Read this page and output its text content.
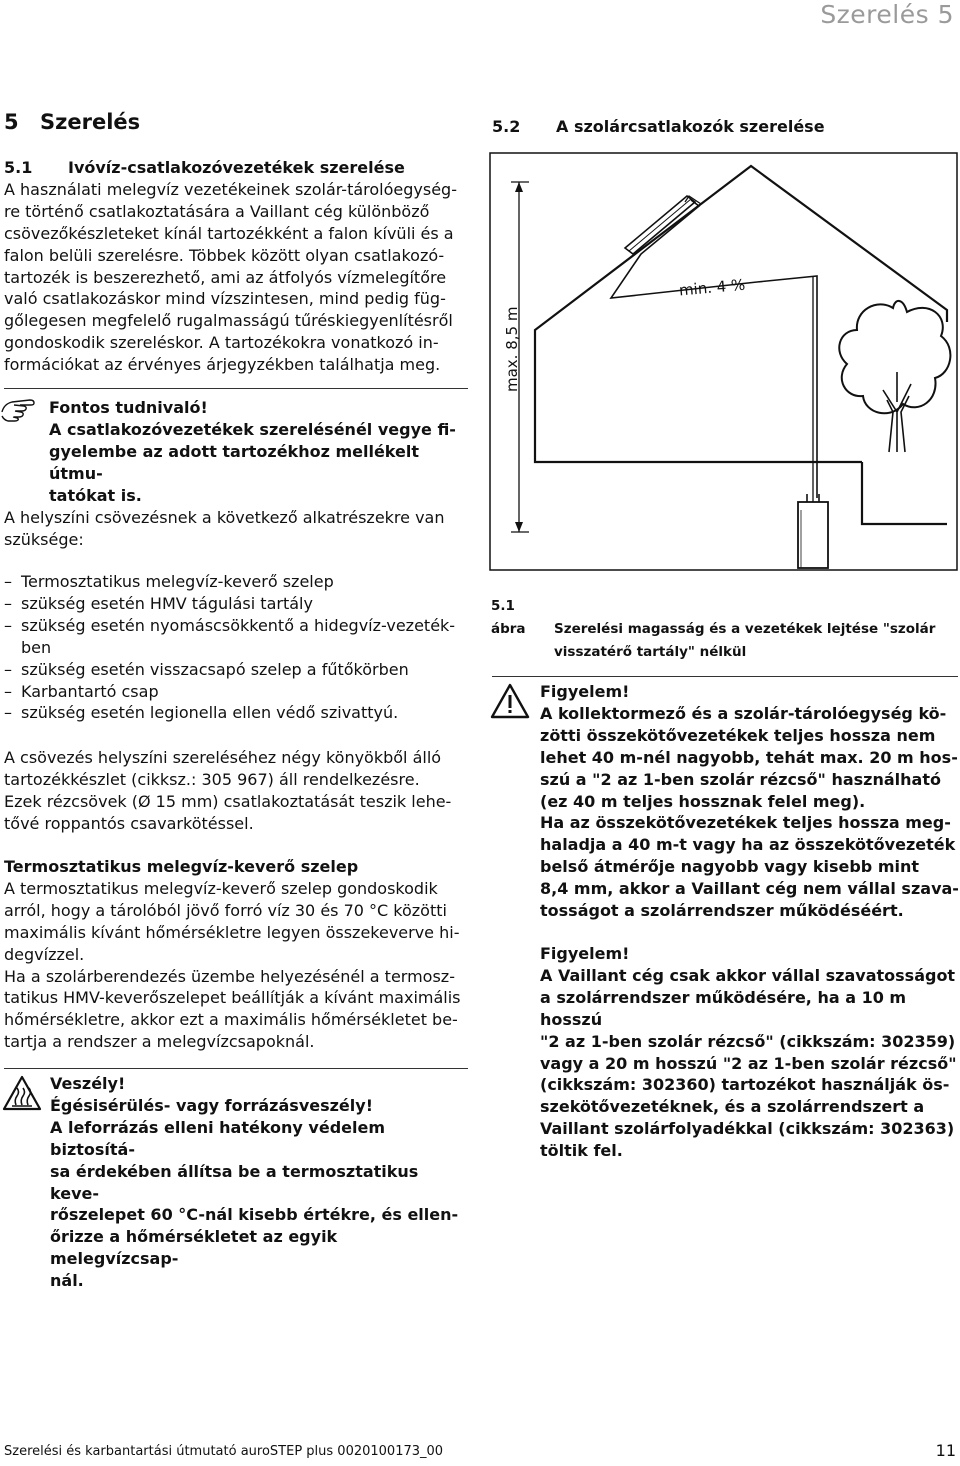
Szerelés 5
5 Szerelés

5.1 Ivóvíz-csatlakozóvezetékek szerelése

A használati melegvíz vezetékeinek szolár-tárolóegység-

re történő csatlakoztatására a Vaillant cég különböző

csövezőkészleteket kínál tartozékként a falon kívüli és a

falon belüli szerelésre. Többek között olyan csatlakozó-

tartozék is beszerezhető, ami az átfolyós vízmelegítőre

való csatlakozáskor mind vízszintesen, mind pedig füg-

gőlegesen megfelelő rugalmasságú tűréskiegyenlítésről

gondoskodik szereléskor. A tartozékokra vonatkozó in-

formációkat az érvényes árjegyzékben találhatja meg.

Fontos tudnivaló!

A csatlakozóvezetékek szerelésénél vegye fi-

gyelembe az adott tartozékhoz mellékelt útmu-

tatókat is.

A helyszíni csövezésnek a következő alkatrészekre van

szüksége:

– Termosztatikus melegvíz-keverő szelep
– szükség esetén HMV tágulási tartály
– szükség esetén nyomáscsökkentő a hidegvíz-vezeték-
ben
– szükség esetén visszacsapó szelep a fűtőkörben
– Karbantartó csap
– szükség esetén legionella ellen védő szivattyú.

A csövezés helyszíni szereléséhez négy könyökből álló

tartozékkészlet (cikksz.: 305 967) áll rendelkezésre.

Ezek rézcsövek (Ø 15 mm) csatlakoztatását teszik lehe-

tővé roppantós csavarkötéssel.

Termosztatikus melegvíz-keverő szelep

A termosztatikus melegvíz-keverő szelep gondoskodik

arról, hogy a tárolóból jövő forró víz 30 és 70 °C közötti

maximális kívánt hőmérsékletre legyen összekeverve hi-

degvízzel.

Ha a szolárberendezés üzembe helyezésénél a termosz-

tatikus HMV-keverőszelepet beállítják a kívánt maximális

hőmérsékletre, akkor ezt a maximális hőmérsékletet be-

tartja a rendszer a melegvízcsapoknál.

Veszély!

Égésisérülés- vagy forrázásveszély!

A leforrázás elleni hatékony védelem biztosítá-

sa érdekében állítsa be a termosztatikus keve-

rőszelepet 60 °C-nál kisebb értékre, és ellen-

őrizze a hőmérsékletet az egyik melegvízcsap-

nál.

5.2 A szolárcsatlakozók szerelése
min. 4 %
max. 8,5 m
5.1 ábra Szerelési magasság és a vezetékek lejtése "szolár
visszatérő tartály" nélkül

Figyelem!

A kollektormező és a szolár-tárolóegység kö-

zötti összekötővezetékek teljes hossza nem

lehet 40 m-nél nagyobb, tehát max. 20 m hos-

szú a "2 az 1-ben szolár rézcső" használható

(ez 40 m teljes hossznak felel meg).

Ha az összekötővezetékek teljes hossza meg-

haladja a 40 m-t vagy ha az összekötővezeték

belső átmérője nagyobb vagy kisebb mint

8,4 mm, akkor a Vaillant cég nem vállal szava-

tosságot a szolárrendszer működéséért.

Figyelem!

A Vaillant cég csak akkor vállal szavatosságot

a szolárrendszer működésére, ha a 10 m hosszú

"2 az 1-ben szolár rézcső" (cikkszám: 302359)

vagy a 20 m hosszú "2 az 1-ben szolár rézcső"

(cikkszám: 302360) tartozékot használják ös-

szekötővezetéknek, és a szolárrendszert a

Vaillant szolárfolyadékkal (cikkszám: 302363)

töltik fel.

Szerelési és karbantartási útmutató auroSTEP plus 0020100173_00	11
